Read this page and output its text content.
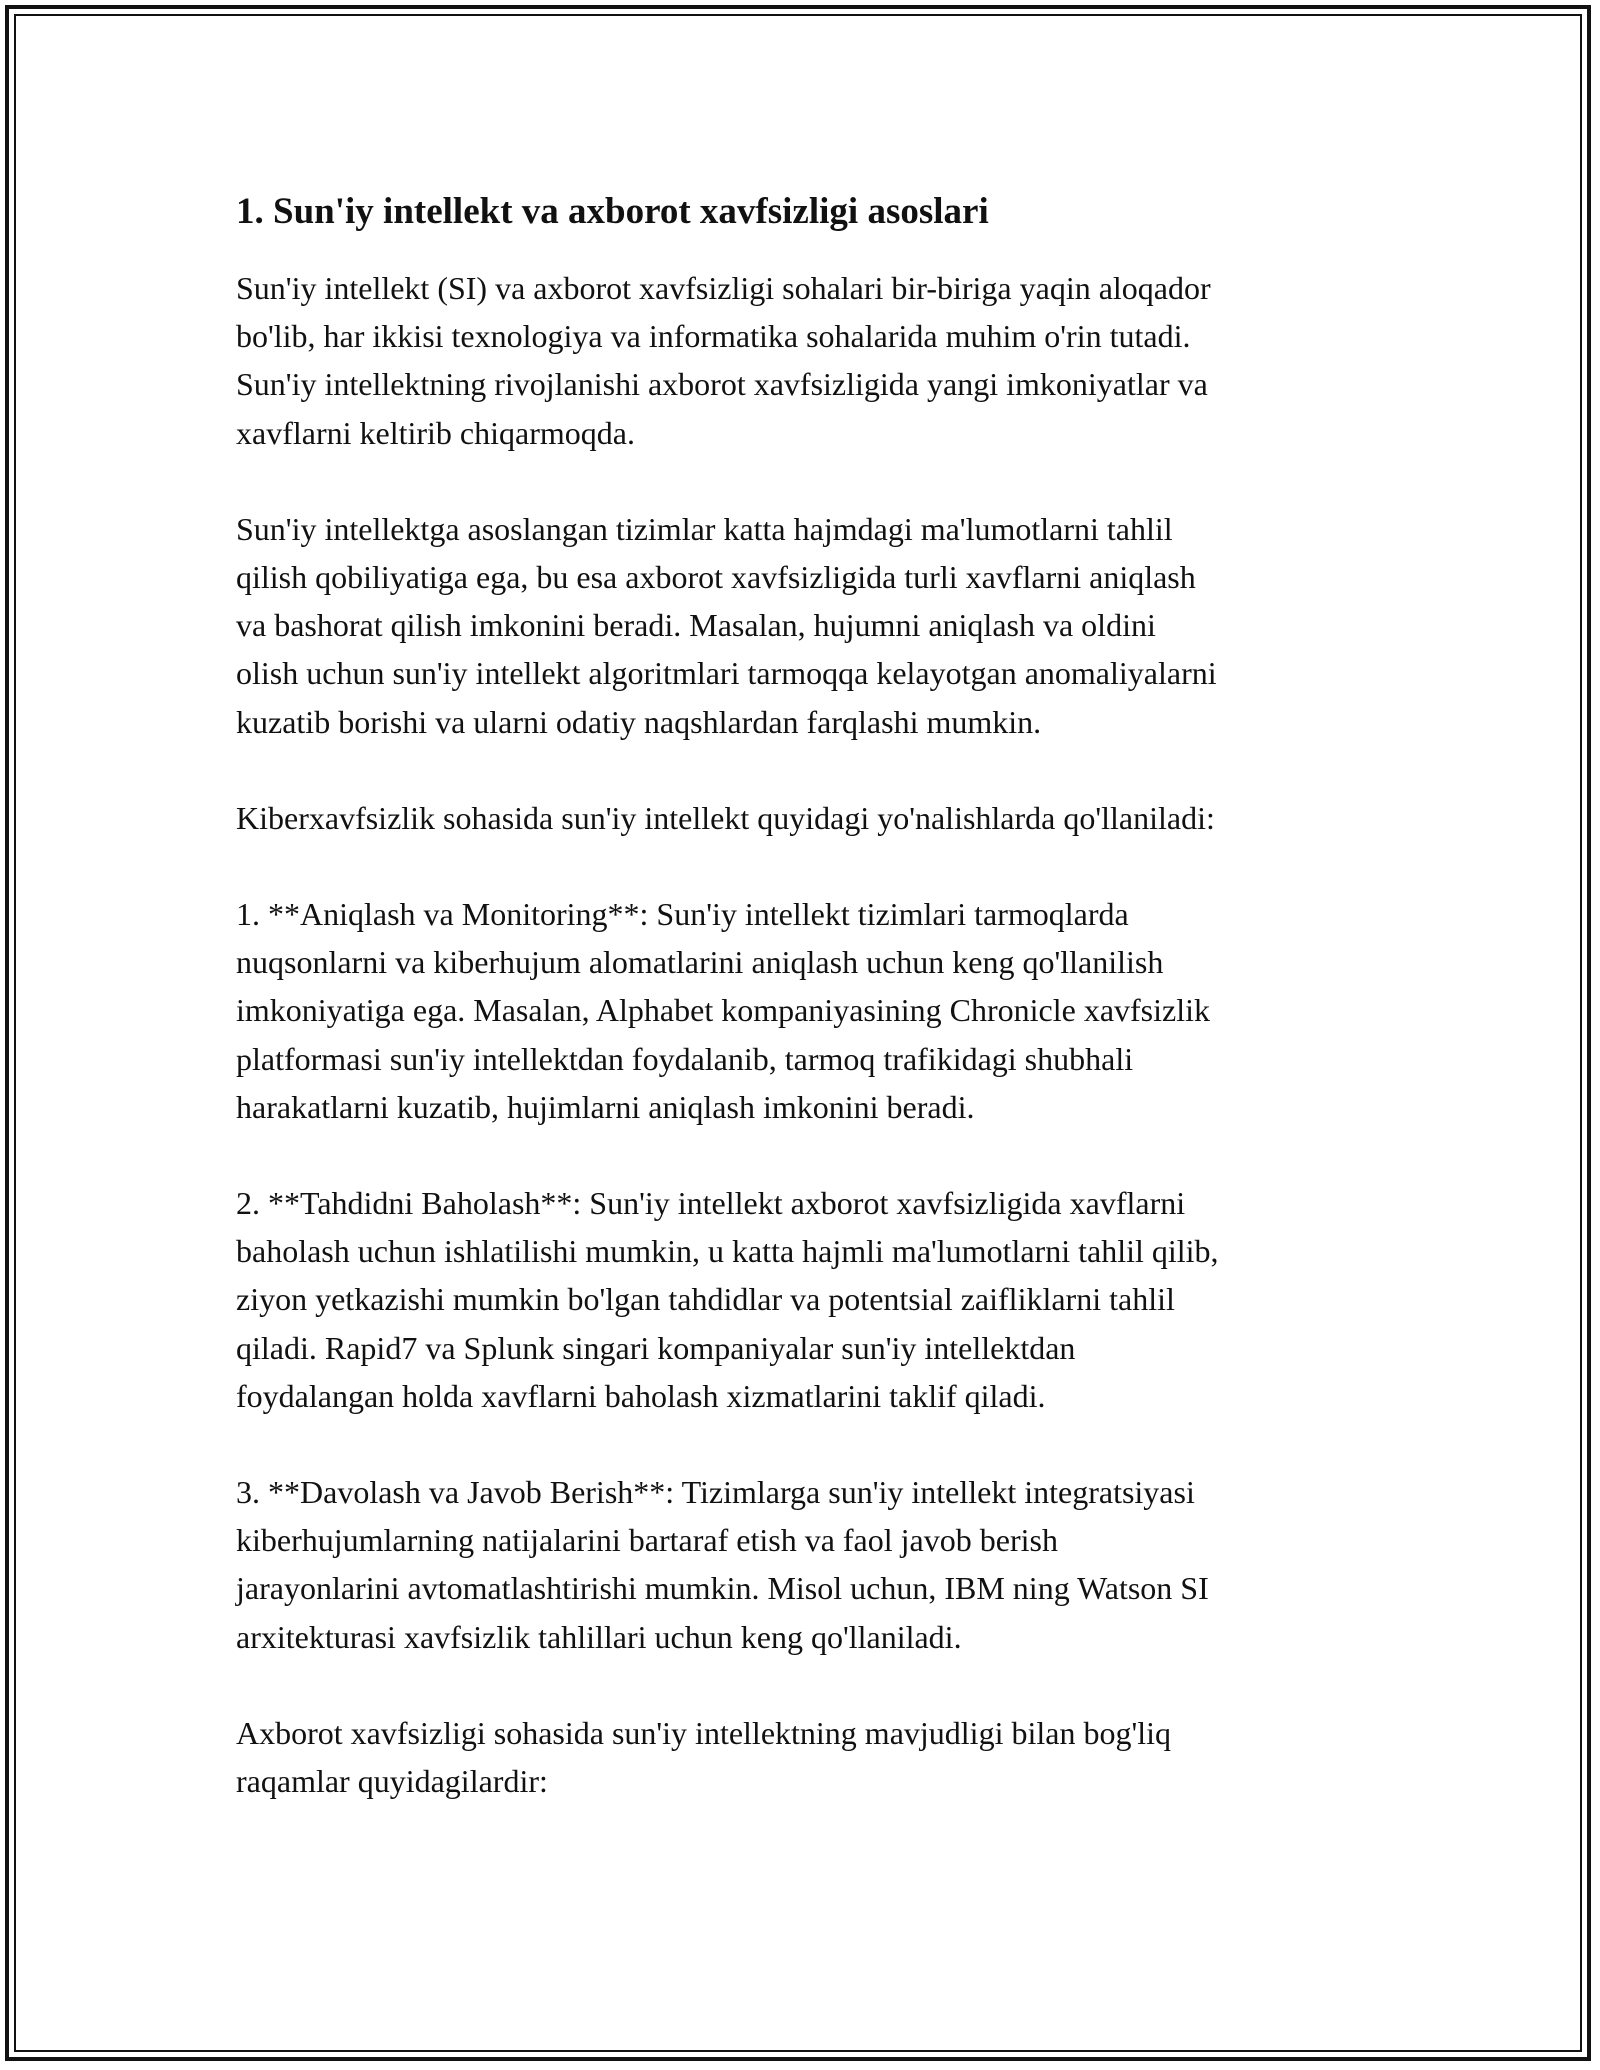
1. Sun'iy intellekt va axborot xavfsizligi asoslari

Sun'iy intellekt (SI) va axborot xavfsizligi sohalari bir-biriga yaqin aloqador
bo'lib, har ikkisi texnologiya va informatika sohalarida muhim o'rin tutadi.
Sun'iy intellektning rivojlanishi axborot xavfsizligida yangi imkoniyatlar va
xavflarni keltirib chiqarmoqda.

Sun'iy intellektga asoslangan tizimlar katta hajmdagi ma'lumotlarni tahlil
qilish qobiliyatiga ega, bu esa axborot xavfsizligida turli xavflarni aniqlash
va bashorat qilish imkonini beradi. Masalan, hujumni aniqlash va oldini
olish uchun sun'iy intellekt algoritmlari tarmoqqa kelayotgan anomaliyalarni
kuzatib borishi va ularni odatiy naqshlardan farqlashi mumkin.

Kiberxavfsizlik sohasida sun'iy intellekt quyidagi yo'nalishlarda qo'llaniladi:

1. **Aniqlash va Monitoring**: Sun'iy intellekt tizimlari tarmoqlarda
nuqsonlarni va kiberhujum alomatlarini aniqlash uchun keng qo'llanilish
imkoniyatiga ega. Masalan, Alphabet kompaniyasining Chronicle xavfsizlik
platformasi sun'iy intellektdan foydalanib, tarmoq trafikidagi shubhali
harakatlarni kuzatib, hujimlarni aniqlash imkonini beradi.

2. **Tahdidni Baholash**: Sun'iy intellekt axborot xavfsizligida xavflarni
baholash uchun ishlatilishi mumkin, u katta hajmli ma'lumotlarni tahlil qilib,
ziyon yetkazishi mumkin bo'lgan tahdidlar va potentsial zaifliklarni tahlil
qiladi. Rapid7 va Splunk singari kompaniyalar sun'iy intellektdan
foydalangan holda xavflarni baholash xizmatlarini taklif qiladi.

3. **Davolash va Javob Berish**: Tizimlarga sun'iy intellekt integratsiyasi
kiberhujumlarning natijalarini bartaraf etish va faol javob berish
jarayonlarini avtomatlashtirishi mumkin. Misol uchun, IBM ning Watson SI
arxitekturasi xavfsizlik tahlillari uchun keng qo'llaniladi.

Axborot xavfsizligi sohasida sun'iy intellektning mavjudligi bilan bog'liq
raqamlar quyidagilardir:
